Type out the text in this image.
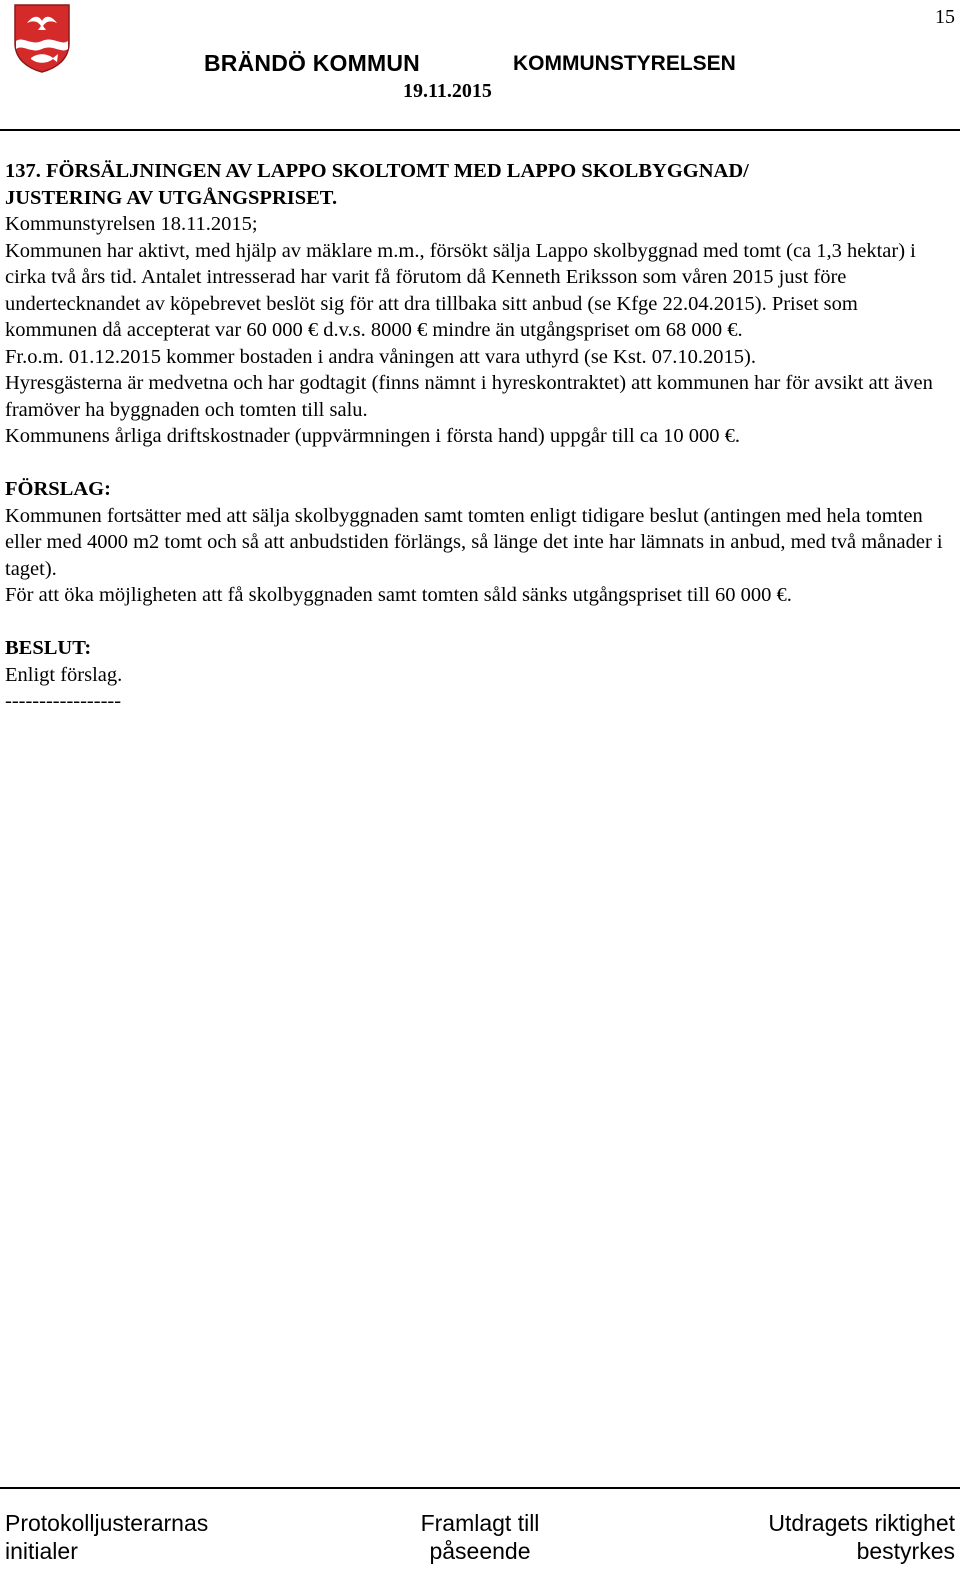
15
BRÄNDÖ KOMMUN	KOMMUNSTYRELSEN
19.11.2015

137. FÖRSÄLJNINGEN AV LAPPO SKOLTOMT MED LAPPO SKOLBYGGNAD/

JUSTERING AV UTGÅNGSPRISET.

Kommunstyrelsen 18.11.2015;

Kommunen har aktivt, med hjälp av mäklare m.m., försökt sälja Lappo skolbyggnad med tomt (ca 1,3 hektar) i cirka två års tid. Antalet intresserad har varit få förutom då Kenneth Eriksson som våren 2015 just före undertecknandet av köpebrevet beslöt sig för att dra tillbaka sitt anbud (se Kfge 22.04.2015). Priset som kommunen då accepterat var 60 000 € d.v.s. 8000 € mindre än utgångspriset om 68 000 €.

Fr.o.m. 01.12.2015 kommer bostaden i andra våningen att vara uthyrd (se Kst. 07.10.2015).

Hyresgästerna är medvetna och har godtagit (finns nämnt i hyreskontraktet) att kommunen har för avsikt att även framöver ha byggnaden och tomten till salu.

Kommunens årliga driftskostnader (uppvärmningen i första hand) uppgår till ca 10 000 €.

FÖRSLAG:

Kommunen fortsätter med att sälja skolbyggnaden samt tomten enligt tidigare beslut (antingen med hela tomten eller med 4000 m2 tomt och så att anbudstiden förlängs, så länge det inte har lämnats in anbud, med två månader i taget).

För att öka möjligheten att få skolbyggnaden samt tomten såld sänks utgångspriset till 60 000 €.

BESLUT:

Enligt förslag.

-----------------

Protokolljusterarnas
initialer
Framlagt till
påseende
Utdragets riktighet
bestyrkes
